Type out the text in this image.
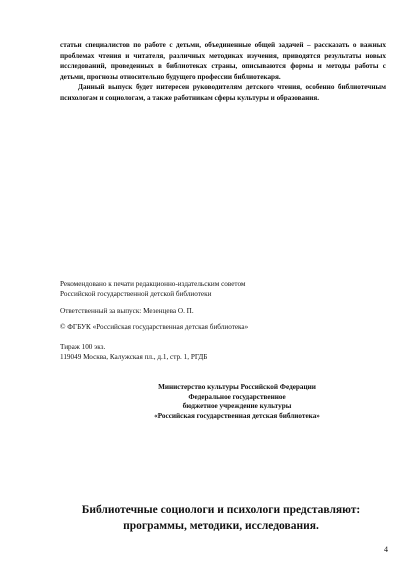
статьи специалистов по работе с детьми, объединенные общей задачей – рассказать о важных проблемах чтения и читателя, различных методиках изучения, приводятся результаты новых исследований, проведенных в библиотеках страны, описываются формы и методы работы с детьми, прогнозы относительно будущего профессии библиотекаря.

Данный выпуск будет интересен руководителям детского чтения, особенно библиотечным психологам и социологам, а также работникам сферы культуры и образования.

Рекомендовано к печати редакционно-издательским советом
Российской государственной детской библиотеки
Ответственный за выпуск: Мезенцева О. П.
© ФГБУК «Российская государственная детская библиотека»
Тираж 100 экз.
119049 Москва, Калужская пл., д.1, стр. 1, РГДБ
Министерство культуры Российской Федерации
Федеральное государственное
бюджетное учреждение культуры
«Российская государственная детская библиотека»
Библиотечные социологи и психологи представляют:
программы, методики, исследования.
4
